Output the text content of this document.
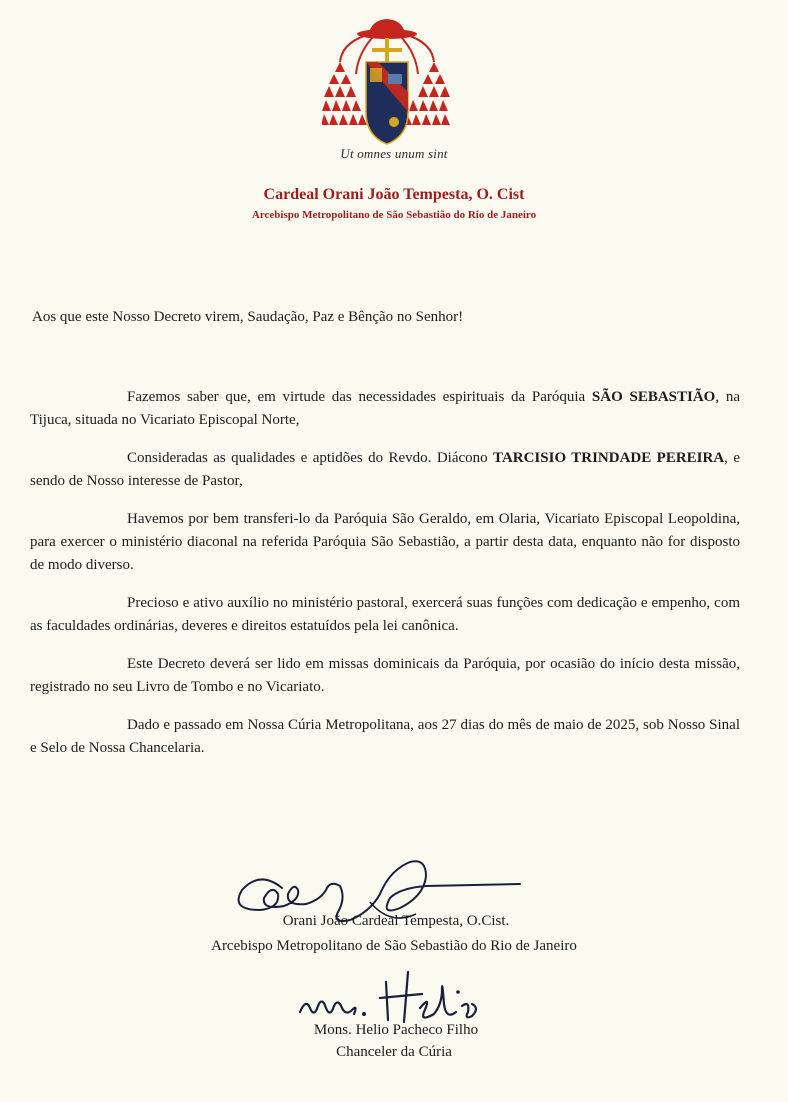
Ut omnes unum sint
Cardeal Orani João Tempesta, O. Cist
Arcebispo Metropolitano de São Sebastião do Rio de Janeiro
Aos que este Nosso Decreto virem, Saudação, Paz e Bênção no Senhor!

Fazemos saber que, em virtude das necessidades espirituais da Paróquia SÃO SEBASTIÃO, na Tijuca, situada no Vicariato Episcopal Norte,

Consideradas as qualidades e aptidões do Revdo. Diácono TARCISIO TRINDADE PEREIRA, e sendo de Nosso interesse de Pastor,

Havemos por bem transferi-lo da Paróquia São Geraldo, em Olaria, Vicariato Episcopal Leopoldina, para exercer o ministério diaconal na referida Paróquia São Sebastião, a partir desta data, enquanto não for disposto de modo diverso.

Precioso e ativo auxílio no ministério pastoral, exercerá suas funções com dedicação e empenho, com as faculdades ordinárias, deveres e direitos estatuídos pela lei canônica.

Este Decreto deverá ser lido em missas dominicais da Paróquia, por ocasião do início desta missão, registrado no seu Livro de Tombo e no Vicariato.

Dado e passado em Nossa Cúria Metropolitana, aos 27 dias do mês de maio de 2025, sob Nosso Sinal e Selo de Nossa Chancelaria.

Orani João Cardeal Tempesta, O.Cist.
Arcebispo Metropolitano de São Sebastião do Rio de Janeiro
Mons. Helio Pacheco Filho
Chanceler da Cúria
